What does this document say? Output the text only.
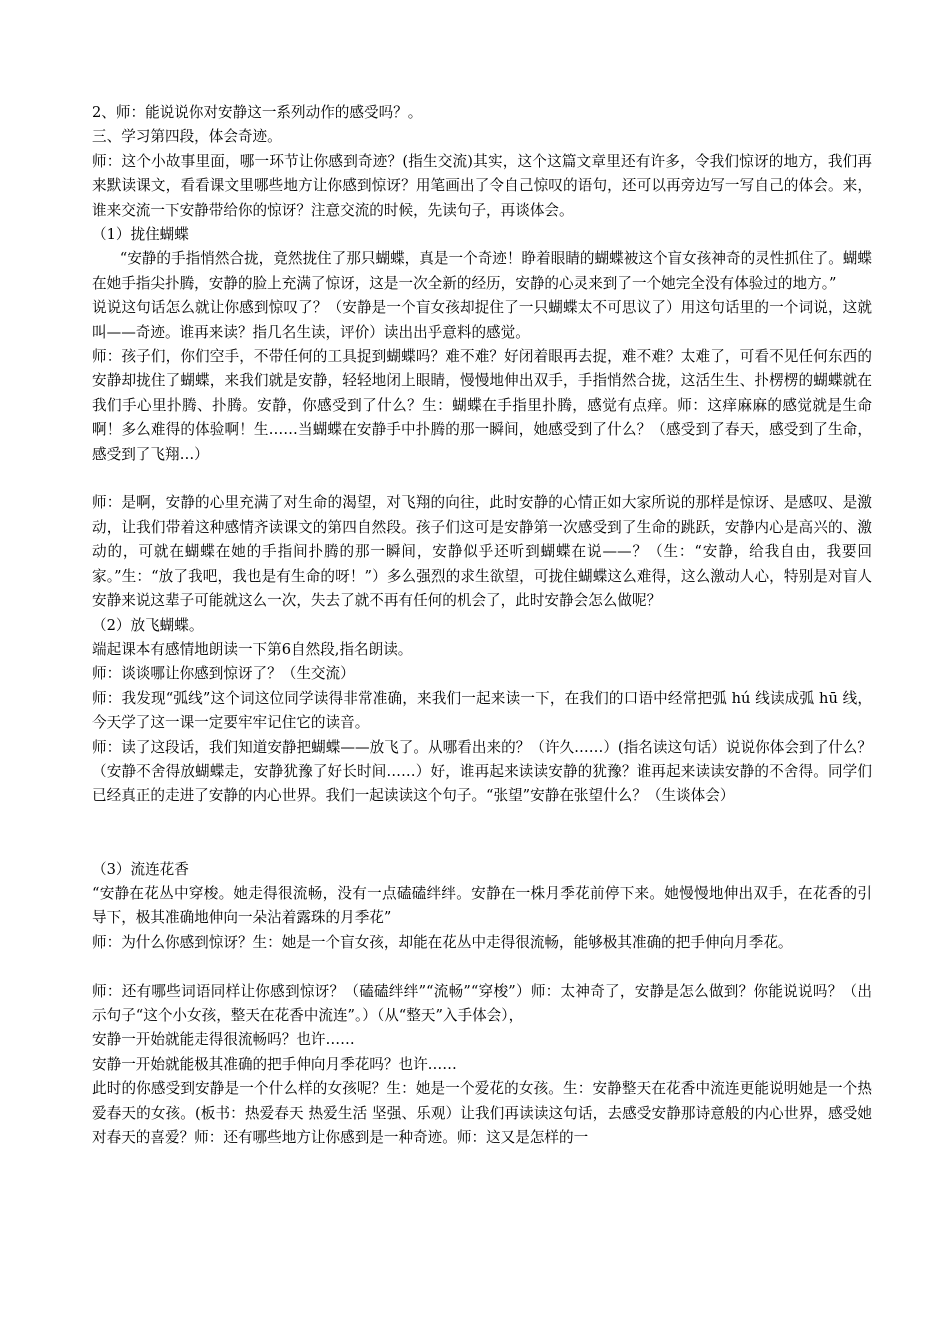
2、师：能说说你对安静这一系列动作的感受吗？。

三、学习第四段，体会奇迹。

师：这个小故事里面，哪一环节让你感到奇迹？(指生交流)其实，这个这篇文章里还有许多，令我们惊讶的地方，我们再来默读课文，看看课文里哪些地方让你感到惊讶？用笔画出了令自己惊叹的语句，还可以再旁边写一写自己的体会。来，谁来交流一下安静带给你的惊讶？注意交流的时候，先读句子，再谈体会。

（1）拢住蝴蝶

“安静的手指悄然合拢，竟然拢住了那只蝴蝶，真是一个奇迹！睁着眼睛的蝴蝶被这个盲女孩神奇的灵性抓住了。蝴蝶在她手指尖扑腾，安静的脸上充满了惊讶，这是一次全新的经历，安静的心灵来到了一个她完全没有体验过的地方。”

说说这句话怎么就让你感到惊叹了？（安静是一个盲女孩却捉住了一只蝴蝶太不可思议了）用这句话里的一个词说，这就叫——奇迹。谁再来读？指几名生读，评价）读出出乎意料的感觉。

师：孩子们，你们空手，不带任何的工具捉到蝴蝶吗？难不难？好闭着眼再去捉，难不难？太难了，可看不见任何东西的安静却拢住了蝴蝶，来我们就是安静，轻轻地闭上眼睛，慢慢地伸出双手，手指悄然合拢，这活生生、扑楞楞的蝴蝶就在我们手心里扑腾、扑腾。安静，你感受到了什么？生：蝴蝶在手指里扑腾，感觉有点痒。师：这痒麻麻的感觉就是生命啊！多么难得的体验啊！生……当蝴蝶在安静手中扑腾的那一瞬间，她感受到了什么？（感受到了春天，感受到了生命，感受到了飞翔…）

师：是啊，安静的心里充满了对生命的渴望，对飞翔的向往，此时安静的心情正如大家所说的那样是惊讶、是感叹、是激动，让我们带着这种感情齐读课文的第四自然段。孩子们这可是安静第一次感受到了生命的跳跃，安静内心是高兴的、激动的，可就在蝴蝶在她的手指间扑腾的那一瞬间，安静似乎还听到蝴蝶在说——？（生：“安静，给我自由，我要回家。”生：“放了我吧，我也是有生命的呀！”）多么强烈的求生欲望，可拢住蝴蝶这么难得，这么激动人心，特别是对盲人安静来说这辈子可能就这么一次，失去了就不再有任何的机会了，此时安静会怎么做呢？

（2）放飞蝴蝶。

端起课本有感情地朗读一下第6自然段,指名朗读。

师：谈谈哪让你感到惊讶了？（生交流）

师：我发现“弧线”这个词这位同学读得非常准确，来我们一起来读一下，在我们的口语中经常把弧 hú 线读成弧 hū 线，今天学了这一课一定要牢牢记住它的读音。

师：读了这段话，我们知道安静把蝴蝶——放飞了。从哪看出来的？（许久……）(指名读这句话）说说你体会到了什么？（安静不舍得放蝴蝶走，安静犹豫了好长时间……）好，谁再起来读读安静的犹豫？谁再起来读读安静的不舍得。同学们已经真正的走进了安静的内心世界。我们一起读读这个句子。“张望”安静在张望什么？（生谈体会）

（3）流连花香

“安静在花丛中穿梭。她走得很流畅，没有一点磕磕绊绊。安静在一株月季花前停下来。她慢慢地伸出双手，在花香的引导下，极其准确地伸向一朵沾着露珠的月季花”

师：为什么你感到惊讶？生：她是一个盲女孩，却能在花丛中走得很流畅，能够极其准确的把手伸向月季花。

师：还有哪些词语同样让你感到惊讶？（磕磕绊绊”“流畅”“穿梭”）师：太神奇了，安静是怎么做到？你能说说吗？（出示句子“这个小女孩，整天在花香中流连”。）（从“整天”入手体会），

安静一开始就能走得很流畅吗？也许……

安静一开始就能极其准确的把手伸向月季花吗？也许……

此时的你感受到安静是一个什么样的女孩呢？生：她是一个爱花的女孩。生：安静整天在花香中流连更能说明她是一个热爱春天的女孩。(板书：热爱春天 热爱生活 坚强、乐观）让我们再读读这句话，去感受安静那诗意般的内心世界，感受她对春天的喜爱？师：还有哪些地方让你感到是一种奇迹。师：这又是怎样的一
